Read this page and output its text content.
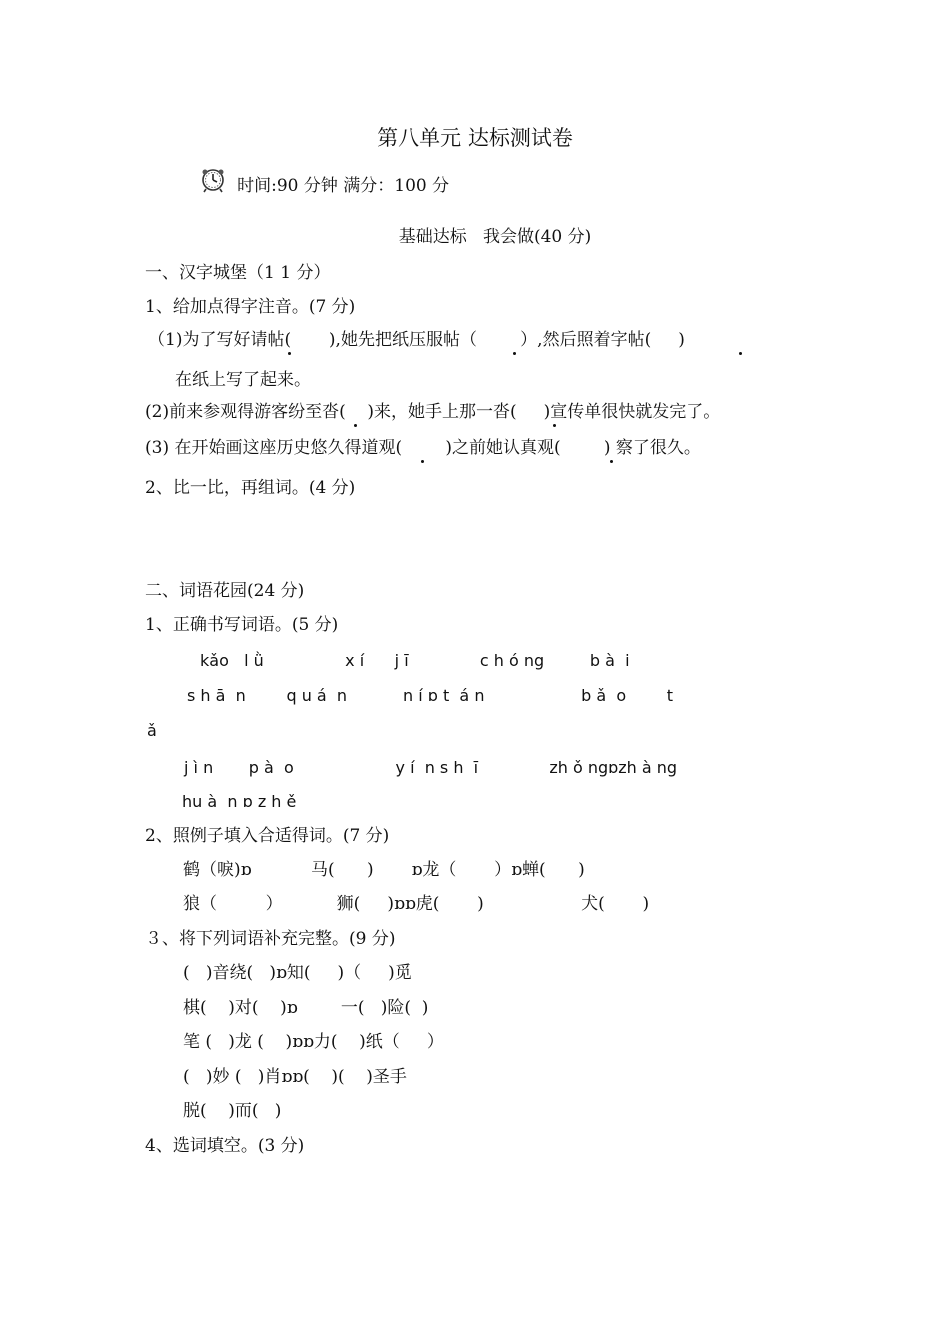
第八单元 达标测试卷
时间:90 分钟 满分：100 分
基础达标   我会做(40 分)
一、汉字城堡（1 1 分）
1、给加点得字注音。(7 分)
（1)为了写好请帖(       ),她先把纸压服帖（        ）,然后照着字帖(     )
在纸上写了起来。
(2)前来参观得游客纷至沓(    )来，她手上那一沓(     )宣传单很快就发完了。
(3) 在开始画这座历史悠久得道观(        )之前她认真观(        ) 察了很久。
2、比一比，再组词。(4 分)
二、词语花园(24 分)
1、正确书写词语。(5 分)
kǎo   l ǜ                x í      j ī              c h ó ng         b à  i
s h ā  n        q u á  n           n í ɒ t  á n                   b ǎ  o        t
ǎ
j ì n       p à  o                    y í  n s h  ī              zh ǒ ngɒzh à ng
hu à  n ɒ z h ě
2、照例子填入合适得词。(7 分)
鹤（唳)ɒ           马(      )       ɒ龙（       ）ɒ蝉(      )
狼（         ）          狮(     )ɒɒ虎(       )                  犬(       )
３、将下列词语补充完整。(9 分)
(   )音绕(   )ɒ知(     )（     )觅
棋(    )对(    )ɒ        一(   )险(  )
笔 (   )龙 (    )ɒɒ力(    )纸（     ）
(   )妙 (   )肖ɒɒ(    )(    )圣手
脱(    )而(   )
4、选词填空。(3 分)
